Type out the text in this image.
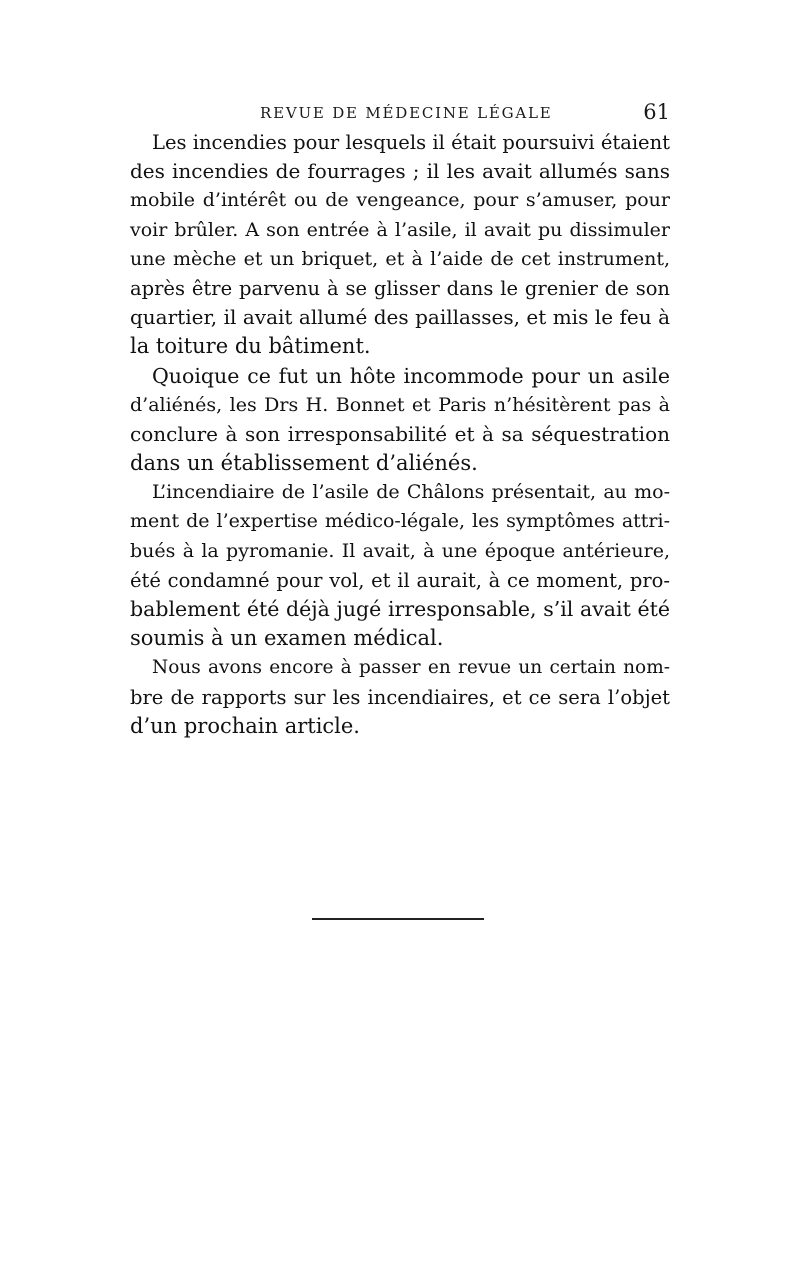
REVUE DE MÉDECINE LÉGALE	61
Les incendies pour lesquels il était poursuivi étaient
des incendies de fourrages ; il les avait allumés sans
mobile d’intérêt ou de vengeance, pour s’amuser, pour
voir brûler. A son entrée à l’asile, il avait pu dissimuler
une mèche et un briquet, et à l’aide de cet instrument,
après être parvenu à se glisser dans le grenier de son
quartier, il avait allumé des paillasses, et mis le feu à
la toiture du bâtiment.
Quoique ce fut un hôte incommode pour un asile
d’aliénés, les Drs H. Bonnet et Paris n’hésitèrent pas à
conclure à son irresponsabilité et à sa séquestration
dans un établissement d’aliénés.
L’incendiaire de l’asile de Châlons présentait, au mo-
ment de l’expertise médico-légale, les symptômes attri-
bués à la pyromanie. Il avait, à une époque antérieure,
été condamné pour vol, et il aurait, à ce moment, pro-
bablement été déjà jugé irresponsable, s’il avait été
soumis à un examen médical.
Nous avons encore à passer en revue un certain nom-
bre de rapports sur les incendiaires, et ce sera l’objet
d’un prochain article.
